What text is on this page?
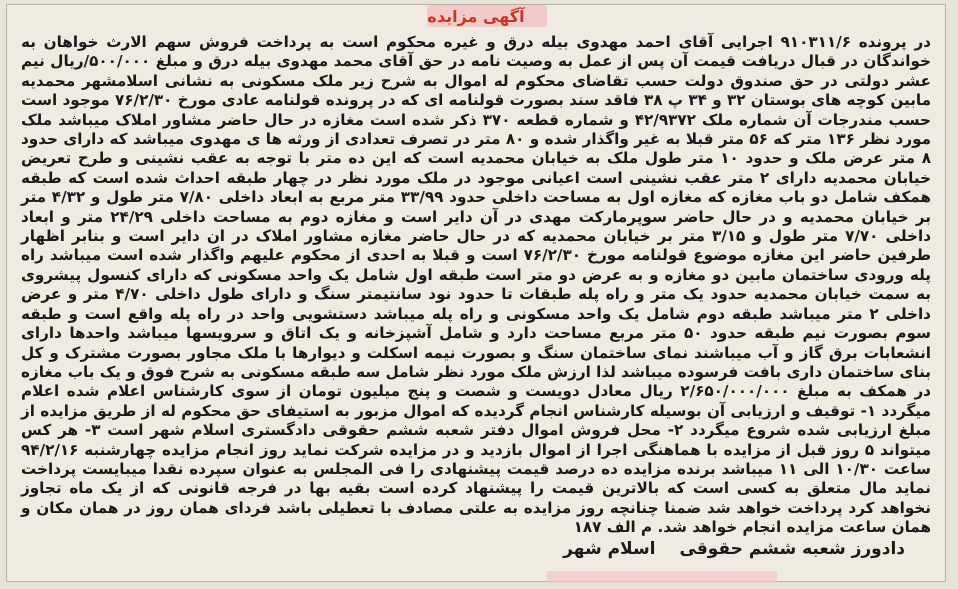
آگهی مزایده
در پرونده ۹۱۰۳۱۱/۶ اجرایی آقای احمد مهدوی بیله درق و غیره محکوم است به پرداخت فروش سهم الارث خواهان به خواندگان در قبال دریافت قیمت آن پس از عمل به وصیت نامه در حق آقای محمد مهدوی بیله درق و مبلغ ۵۰۰/۰۰۰/ریال نیم عشر دولتی در حق صندوق دولت حسب تقاضای محکوم له اموال به شرح زیر ملک مسکونی به نشانی اسلامشهر محمدیه مابین کوچه های بوستان ۳۲ و ۳۴ پ ۳۸ فاقد سند بصورت قولنامه ای که در پرونده قولنامه عادی مورخ ۷۶/۲/۳۰ موجود است حسب مندرجات آن شماره ملک ۴۲/۹۳۷۲ و شماره قطعه ۳۷۰ ذکر شده است مغازه در حال حاضر مشاور املاک میباشد ملک مورد نظر ۱۳۶ متر که ۵۶ متر قبلا به غیر واگذار شده و ۸۰ متر در تصرف تعدادی از ورثه ها ی مهدوی میباشد که دارای حدود ۸ متر عرض ملک و حدود ۱۰ متر طول ملک به خیابان محمدیه است که این ده متر با توجه به عقب نشینی و طرح تعریض خیابان محمدیه دارای ۲ متر عقب نشینی است اعیانی موجود در ملک مورد نظر در چهار طبقه احداث شده است که طبقه همکف شامل دو باب مغازه که مغازه اول به مساحت داخلی حدود ۳۳/۹۹ متر مربع به ابعاد داخلی ۷/۸۰ متر طول و ۴/۳۲ متر بر خیابان محمدیه و در حال حاضر سوپرمارکت مهدی در آن دایر است و مغازه دوم به مساحت داخلی ۲۴/۲۹ متر و ابعاد داخلی ۷/۷۰ متر طول و ۳/۱۵ متر بر خیابان محمدیه که در حال حاضر مغازه مشاور املاک در ان دایر است و بنابر اظهار طرفین حاضر این مغازه موضوع قولنامه مورخ ۷۶/۲/۳۰ است و قبلا به احدی از محکوم علیهم واگذار شده است میباشد راه پله ورودی ساختمان مابین دو مغازه و به عرض دو متر است طبقه اول شامل یک واحد مسکونی که دارای کنسول پیشروی به سمت خیابان محمدیه حدود یک متر و راه پله طبقات تا حدود نود سانتیمتر سنگ و دارای طول داخلی ۴/۷۰ متر و عرض داخلی ۲ متر میباشد طبقه دوم شامل یک واحد مسکونی و راه پله میباشد دستشویی واحد در راه پله واقع است و طبقه سوم بصورت نیم طبقه حدود ۵۰ متر مربع مساحت دارد و شامل آشپزخانه و یک اتاق و سرویسها میباشد واحدها دارای انشعابات برق گاز و آب میباشند نمای ساختمان سنگ و بصورت نیمه اسکلت و دیوارها با ملک مجاور بصورت مشترک و کل بنای ساختمان داری بافت فرسوده میباشد لذا ارزش ملک مورد نظر شامل سه طبقه مسکونی به شرح فوق و یک باب مغازه در همکف به مبلغ ۲/۶۵۰/۰۰۰/۰۰۰ ریال معادل دویست و شصت و پنج میلیون تومان از سوی کارشناس اعلام شده اعلام میگردد ۱- توقیف و ارزیابی آن بوسیله کارشناس انجام گردیده که اموال مزبور به استیفای حق محکوم له از طریق مزایده از مبلغ ارزیابی شده شروع میگردد ۲- محل فروش اموال دفتر شعبه ششم حقوقی دادگستری اسلام شهر است ۳- هر کس میتواند ۵ روز قبل از مزایده با هماهنگی اجرا از اموال بازدید و در مزایده شرکت نماید روز انجام مزایده چهارشنبه ۹۴/۲/۱۶ ساعت ۱۰/۳۰ الی ۱۱ میباشد برنده مزایده ده درصد قیمت پیشنهادی را فی المجلس به عنوان سپرده نقدا میبایست پرداخت نماید مال متعلق به کسی است که بالاترین قیمت را پیشنهاد کرده است بقیه بها در فرجه قانونی که از یک ماه تجاوز نخواهد کرد پرداخت خواهد شد ضمنا چنانچه روز مزایده به علتی مصادف با تعطیلی باشد فردای همان روز در همان مکان و همان ساعت مزایده انجام خواهد شد. م الف ۱۸۷
دادورز شعبه ششم حقوقی اسلام شهر
